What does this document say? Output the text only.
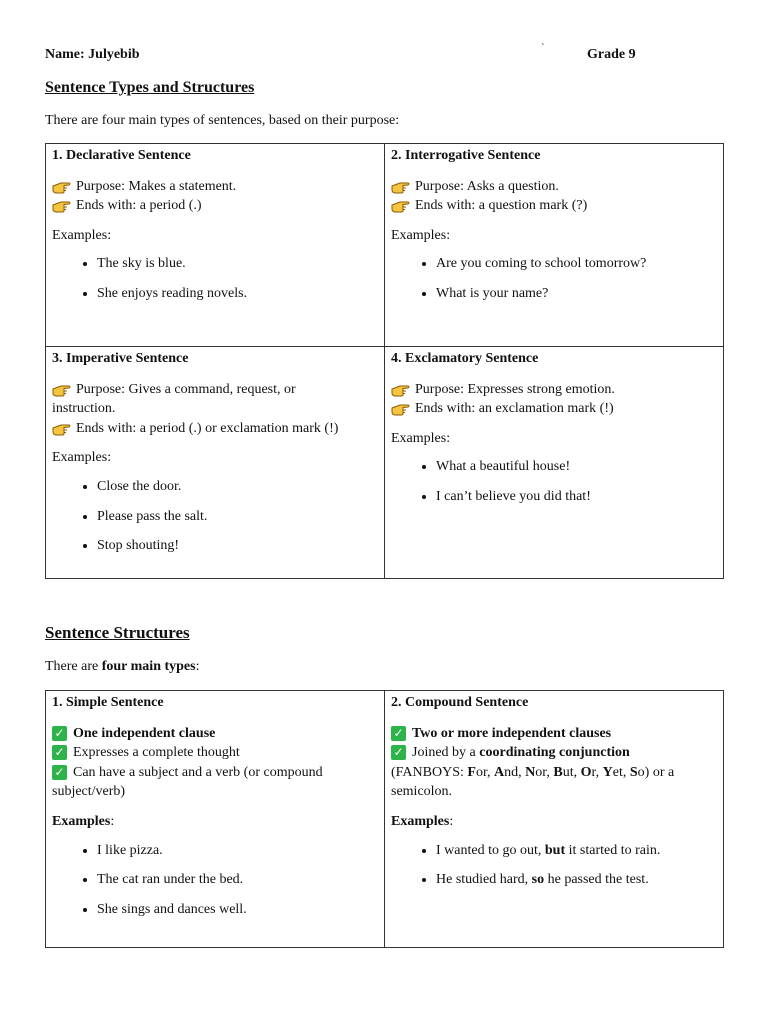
Name: Julyebib	`	Grade 9
Sentence Types and Structures
There are four main types of sentences, based on their purpose:
1. Declarative Sentence
Purpose: Makes a statement.
Ends with: a period (.)
Examples:
• The sky is blue.
• She enjoys reading novels.
2. Interrogative Sentence
Purpose: Asks a question.
Ends with: a question mark (?)
Examples:
• Are you coming to school tomorrow?
• What is your name?
3. Imperative Sentence
Purpose: Gives a command, request, or
instruction.
Ends with: a period (.) or exclamation mark (!)
Examples:
• Close the door.
• Please pass the salt.
• Stop shouting!
4. Exclamatory Sentence
Purpose: Expresses strong emotion.
Ends with: an exclamation mark (!)
Examples:
• What a beautiful house!
• I can’t believe you did that!
Sentence Structures
There are four main types:
1. Simple Sentence
✓ One independent clause
✓ Expresses a complete thought
✓ Can have a subject and a verb (or compound
subject/verb)
Examples:
• I like pizza.
• The cat ran under the bed.
• She sings and dances well.
2. Compound Sentence
✓ Two or more independent clauses
✓ Joined by a coordinating conjunction
(FANBOYS: For, And, Nor, But, Or, Yet, So) or a
semicolon.
Examples:
• I wanted to go out, but it started to rain.
• He studied hard, so he passed the test.
